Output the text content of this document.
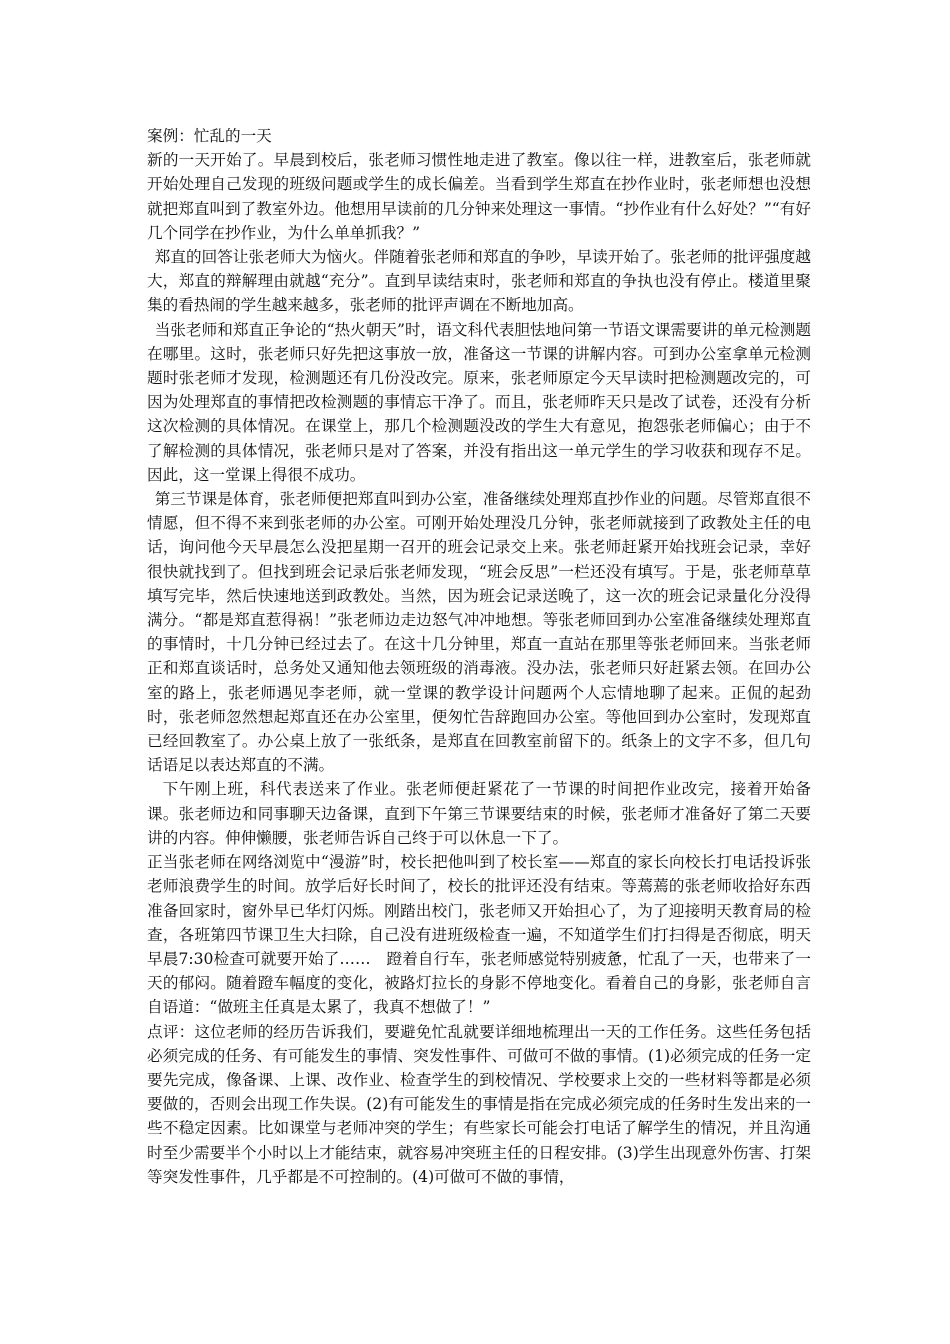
案例：忙乱的一天

新的一天开始了。早晨到校后，张老师习惯性地走进了教室。像以往一样，进教室后，张老师就开始处理自己发现的班级问题或学生的成长偏差。当看到学生郑直在抄作业时，张老师想也没想就把郑直叫到了教室外边。他想用早读前的几分钟来处理这一事情。“抄作业有什么好处？”“有好几个同学在抄作业，为什么单单抓我？”

郑直的回答让张老师大为恼火。伴随着张老师和郑直的争吵，早读开始了。张老师的批评强度越大，郑直的辩解理由就越“充分”。直到早读结束时，张老师和郑直的争执也没有停止。楼道里聚集的看热闹的学生越来越多，张老师的批评声调在不断地加高。

当张老师和郑直正争论的“热火朝天”时，语文科代表胆怯地问第一节语文课需要讲的单元检测题在哪里。这时，张老师只好先把这事放一放，准备这一节课的讲解内容。可到办公室拿单元检测题时张老师才发现，检测题还有几份没改完。原来，张老师原定今天早读时把检测题改完的，可因为处理郑直的事情把改检测题的事情忘干净了。而且，张老师昨天只是改了试卷，还没有分析这次检测的具体情况。在课堂上，那几个检测题没改的学生大有意见，抱怨张老师偏心；由于不了解检测的具体情况，张老师只是对了答案，并没有指出这一单元学生的学习收获和现存不足。因此，这一堂课上得很不成功。

第三节课是体育，张老师便把郑直叫到办公室，准备继续处理郑直抄作业的问题。尽管郑直很不情愿，但不得不来到张老师的办公室。可刚开始处理没几分钟，张老师就接到了政教处主任的电话，询问他今天早晨怎么没把星期一召开的班会记录交上来。张老师赶紧开始找班会记录，幸好很快就找到了。但找到班会记录后张老师发现，“班会反思”一栏还没有填写。于是，张老师草草填写完毕，然后快速地送到政教处。当然，因为班会记录送晚了，这一次的班会记录量化分没得满分。“都是郑直惹得祸！”张老师边走边怒气冲冲地想。等张老师回到办公室准备继续处理郑直的事情时，十几分钟已经过去了。在这十几分钟里，郑直一直站在那里等张老师回来。当张老师正和郑直谈话时，总务处又通知他去领班级的消毒液。没办法，张老师只好赶紧去领。在回办公室的路上，张老师遇见李老师，就一堂课的教学设计问题两个人忘情地聊了起来。正侃的起劲时，张老师忽然想起郑直还在办公室里，便匆忙告辞跑回办公室。等他回到办公室时，发现郑直已经回教室了。办公桌上放了一张纸条，是郑直在回教室前留下的。纸条上的文字不多，但几句话语足以表达郑直的不满。

下午刚上班，科代表送来了作业。张老师便赶紧花了一节课的时间把作业改完，接着开始备课。张老师边和同事聊天边备课，直到下午第三节课要结束的时候，张老师才准备好了第二天要讲的内容。伸伸懒腰，张老师告诉自己终于可以休息一下了。

正当张老师在网络浏览中“漫游”时，校长把他叫到了校长室——郑直的家长向校长打电话投诉张老师浪费学生的时间。放学后好长时间了，校长的批评还没有结束。等蔫蔫的张老师收拾好东西准备回家时，窗外早已华灯闪烁。刚踏出校门，张老师又开始担心了，为了迎接明天教育局的检查，各班第四节课卫生大扫除，自己没有进班级检查一遍，不知道学生们打扫得是否彻底，明天早晨7:30检查可就要开始了……　蹬着自行车，张老师感觉特别疲惫，忙乱了一天，也带来了一天的郁闷。随着蹬车幅度的变化，被路灯拉长的身影不停地变化。看着自己的身影，张老师自言自语道：“做班主任真是太累了，我真不想做了！”

点评：这位老师的经历告诉我们，要避免忙乱就要详细地梳理出一天的工作任务。这些任务包括必须完成的任务、有可能发生的事情、突发性事件、可做可不做的事情。(1)必须完成的任务一定要先完成，像备课、上课、改作业、检查学生的到校情况、学校要求上交的一些材料等都是必须要做的，否则会出现工作失误。(2)有可能发生的事情是指在完成必须完成的任务时生发出来的一些不稳定因素。比如课堂与老师冲突的学生；有些家长可能会打电话了解学生的情况，并且沟通时至少需要半个小时以上才能结束，就容易冲突班主任的日程安排。(3)学生出现意外伤害、打架等突发性事件，几乎都是不可控制的。(4)可做可不做的事情，
